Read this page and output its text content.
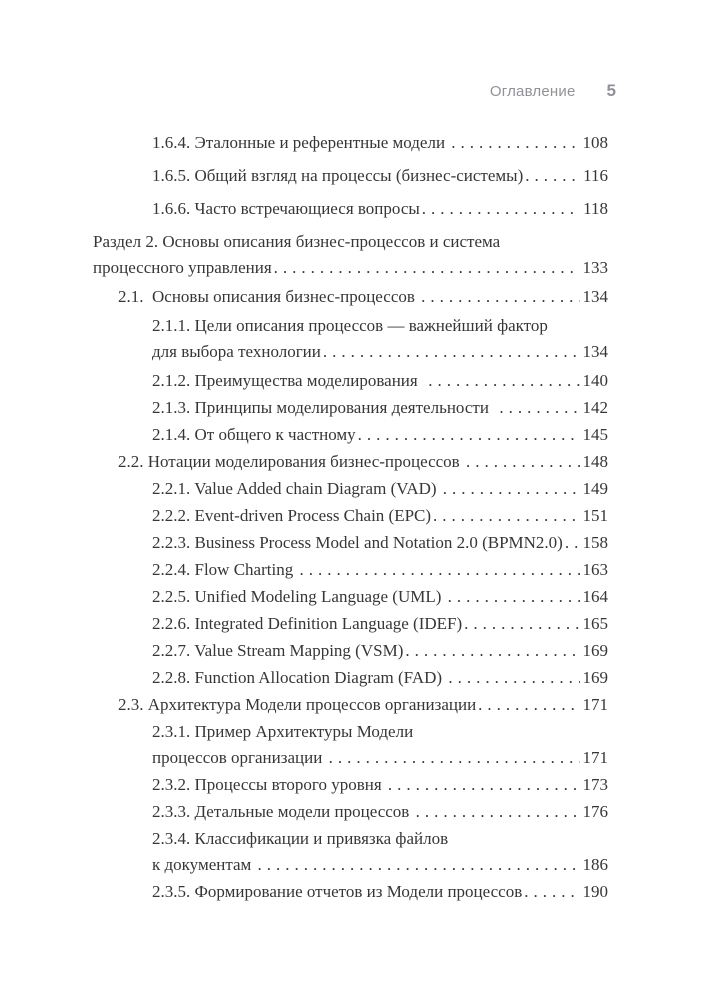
Оглавление 5
1.6.4. Эталонные и референтные модели .....	108
1.6.5. Общий взгляд на процессы (бизнес-системы) .....	116
1.6.6. Часто встречающиеся вопросы .....	118
Раздел 2. Основы описания бизнес-процессов и система
процессного управления .....	133
2.1.  Основы описания бизнес-процессов .....	134
2.1.1. Цели описания процессов — важнейший фактор
для выбора технологии .....	134
2.1.2. Преимущества моделирования .....	140
2.1.3. Принципы моделирования деятельности .....	142
2.1.4. От общего к частному .....	145
2.2. Нотации моделирования бизнес-процессов .....	148
2.2.1. Value Added chain Diagram (VAD) .....	149
2.2.2. Event-driven Process Chain (EPC) .....	151
2.2.3. Business Process Model and Notation 2.0 (BPMN2.0) ..... 158
2.2.4. Flow Charting .....	163
2.2.5. Unified Modeling Language (UML) .....	164
2.2.6. Integrated Definition Language (IDEF) .....	165
2.2.7. Value Stream Mapping (VSM) .....	169
2.2.8. Function Allocation Diagram (FAD) .....	169
2.3. Архитектура Модели процессов организации .....	171
2.3.1. Пример Архитектуры Модели
процессов организации .....	171
2.3.2. Процессы второго уровня .....	173
2.3.3. Детальные модели процессов .....	176
2.3.4. Классификации и привязка файлов
к документам .....	186
2.3.5. Формирование отчетов из Модели процессов .....	190
